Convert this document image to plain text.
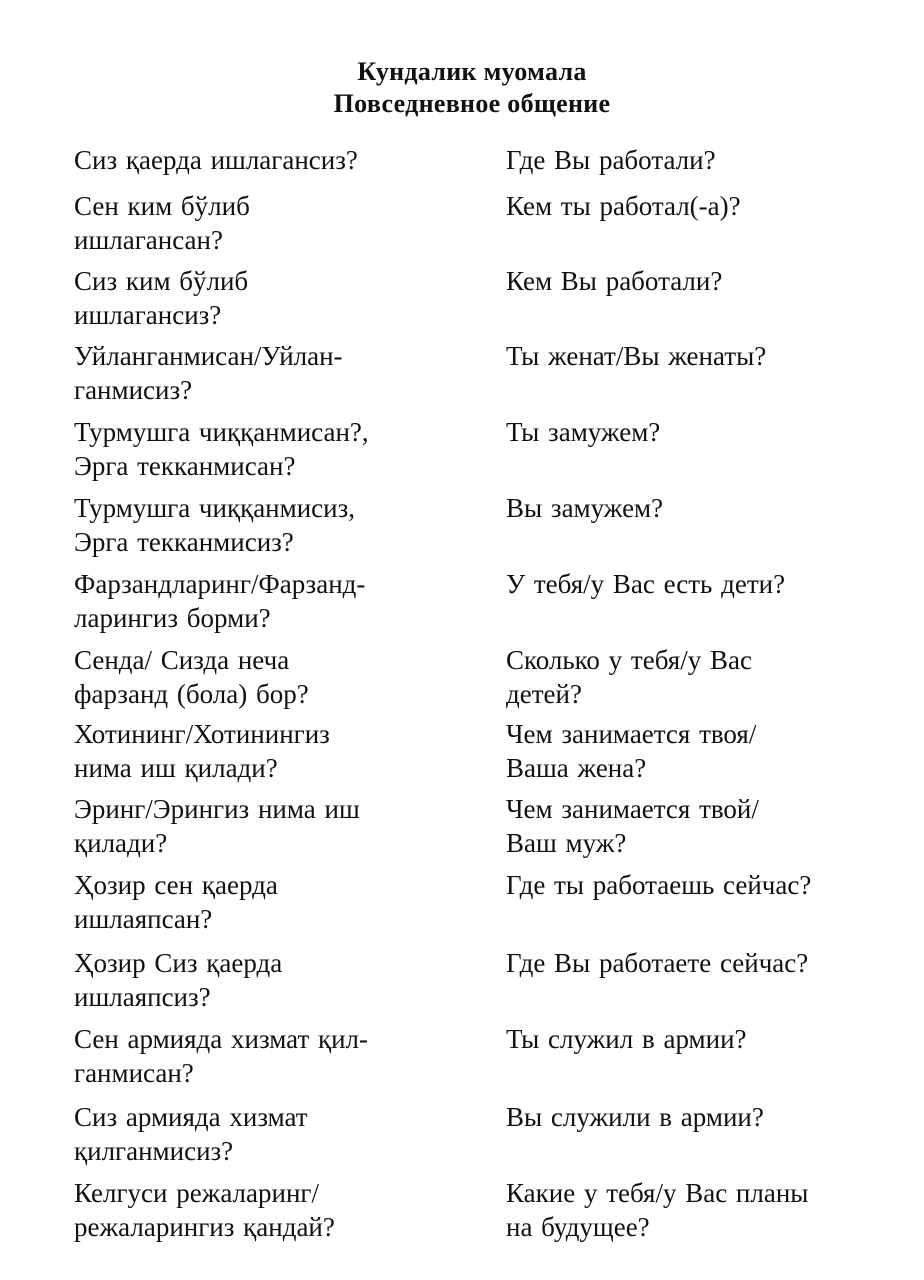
Кундалик муомала
Повседневное общение
Сиз қаерда ишлагансиз?	Где Вы работали?
Сен ким бўлиб
ишлагансан?
Кем ты работал(-а)?
Сиз ким бўлиб
ишлагансиз?
Кем Вы работали?
Уйланганмисан/Уйлан-
ганмисиз?
Ты женат/Вы женаты?
Турмушга чиққанмисан?,
Эрга текканмисан?
Ты замужем?
Турмушга чиққанмисиз,
Эрга текканмисиз?
Вы замужем?
Фарзандларинг/Фарзанд-
ларингиз борми?
У тебя/у Вас есть дети?
Сенда/ Сизда неча
фарзанд (бола) бор?
Сколько у тебя/у Вас
детей?
Хотининг/Хотинингиз
нима иш қилади?
Чем занимается твоя/
Ваша жена?
Эринг/Эрингиз нима иш
қилади?
Чем занимается твой/
Ваш муж?
Ҳозир сен қаерда
ишлаяпсан?
Где ты работаешь сейчас?
Ҳозир Сиз қаерда
ишлаяпсиз?
Где Вы работаете сейчас?
Сен армияда хизмат қил-
ганмисан?
Ты служил в армии?
Сиз армияда хизмат
қилганмисиз?
Вы служили в армии?
Келгуси режаларинг/
режаларингиз қандай?
Какие у тебя/у Вас планы
на будущее?
